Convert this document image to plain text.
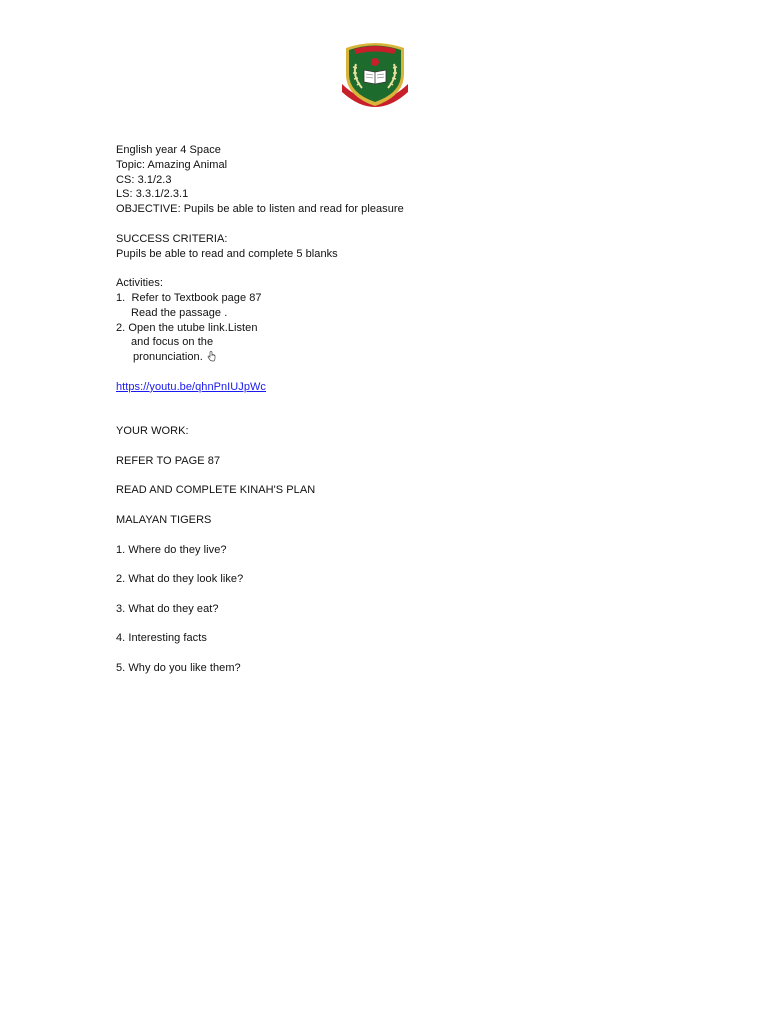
English year 4 Space
Topic: Amazing Animal
CS: 3.1/2.3
LS: 3.3.1/2.3.1
OBJECTIVE: Pupils be able to listen and read for pleasure
SUCCESS CRITERIA:
Pupils be able to read and complete 5 blanks
Activities:
1.  Refer to Textbook page 87
Read the passage .
2. Open the utube link.Listen
and focus on the
pronunciation.
https://youtu.be/qhnPnIUJpWc
YOUR WORK:
REFER TO PAGE 87
READ AND COMPLETE KINAH'S PLAN
MALAYAN TIGERS
1. Where do they live?
2. What do they look like?
3. What do they eat?
4. Interesting facts
5. Why do you like them?
